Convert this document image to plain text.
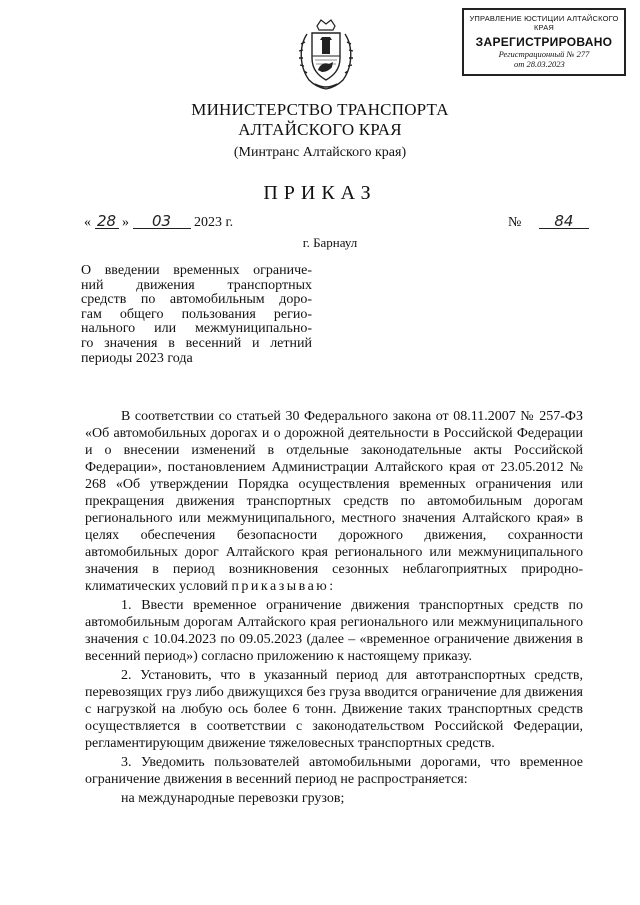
УПРАВЛЕНИЕ ЮСТИЦИИ АЛТАЙСКОГО КРАЯ
ЗАРЕГИСТРИРОВАНО
Регистрационный № 277
от 28.03.2023
МИНИСТЕРСТВО ТРАНСПОРТА
АЛТАЙСКОГО КРАЯ
(Минтранс Алтайского края)
ПРИКАЗ
« 28 » 03 2023 г.	№ 84
г. Барнаул
О введении временных ограниче-
ний движения транспортных
средств по автомобильным доро-
гам общего пользования регио-
нального или межмуниципально-
го значения в весенний и летний
периоды 2023 года

В соответствии со статьей 30 Федерального закона от 08.11.2007 № 257-ФЗ «Об автомобильных дорогах и о дорожной деятельности в Российской Федерации и о внесении изменений в отдельные законодательные акты Российской Федерации», постановлением Администрации Алтайского края от 23.05.2012 № 268 «Об утверждении Порядка осуществления временных ограничения или прекращения движения транспортных средств по автомобильным дорогам регионального или межмуниципального, местного значения Алтайского края» в целях обеспечения безопасности дорожного движения, сохранности автомобильных дорог Алтайского края регионального или межмуниципального значения в период возникновения сезонных неблагоприятных природно-климатических условий приказываю:

1. Ввести временное ограничение движения транспортных средств по автомобильным дорогам Алтайского края регионального или межмуниципального значения с 10.04.2023 по 09.05.2023 (далее – «временное ограничение движения в весенний период») согласно приложению к настоящему приказу.

2. Установить, что в указанный период для автотранспортных средств, перевозящих груз либо движущихся без груза вводится ограничение для движения с нагрузкой на любую ось более 6 тонн. Движение таких транспортных средств осуществляется в соответствии с законодательством Российской Федерации, регламентирующим движение тяжеловесных транспортных средств.

3. Уведомить пользователей автомобильными дорогами, что временное ограничение движения в весенний период не распространяется:

на международные перевозки грузов;
